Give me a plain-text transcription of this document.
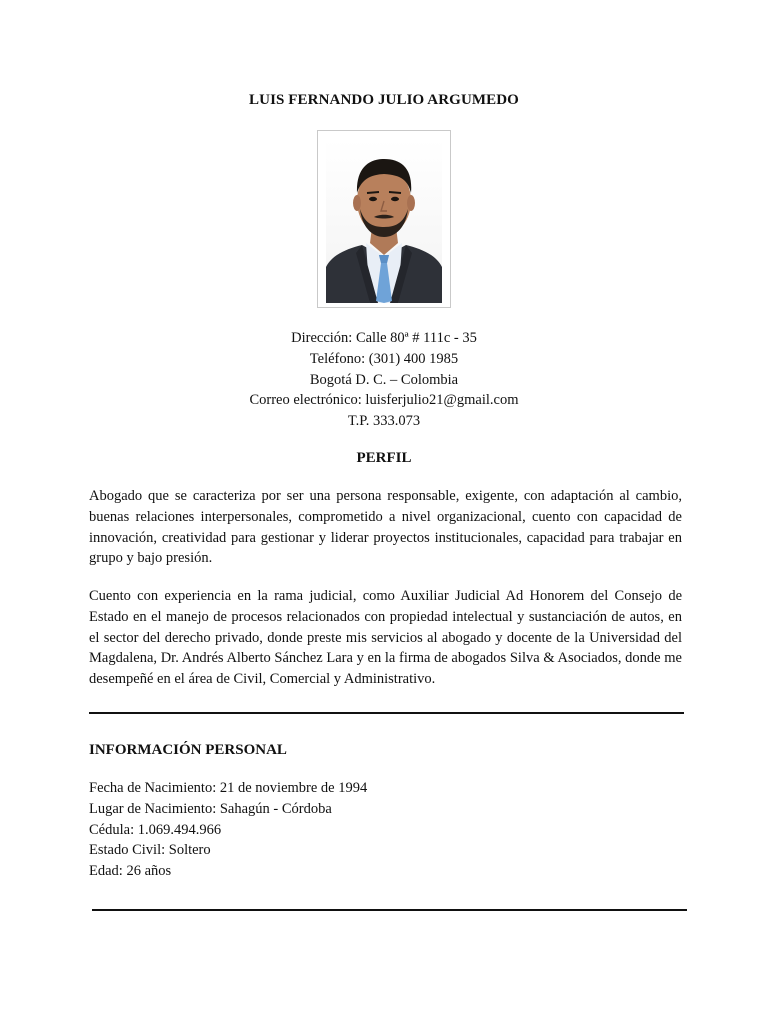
LUIS FERNANDO JULIO ARGUMEDO
Dirección: Calle 80ª # 111c - 35
Teléfono: (301) 400 1985
Bogotá D. C. – Colombia
Correo electrónico: luisferjulio21@gmail.com
T.P. 333.073
PERFIL
Abogado que se caracteriza por ser una persona responsable, exigente, con adaptación al cambio, buenas relaciones interpersonales, comprometido a nivel organizacional, cuento con capacidad de innovación, creatividad para gestionar y liderar proyectos institucionales, capacidad para trabajar en grupo y bajo presión.
Cuento con experiencia en la rama judicial, como Auxiliar Judicial Ad Honorem del Consejo de Estado en el manejo de procesos relacionados con propiedad intelectual y sustanciación de autos, en el sector del derecho privado, donde preste mis servicios al abogado y docente de la Universidad del Magdalena, Dr. Andrés Alberto Sánchez Lara y en la firma de abogados Silva & Asociados, donde me desempeñé en el área de Civil, Comercial y Administrativo.
INFORMACIÓN PERSONAL
Fecha de Nacimiento: 21 de noviembre de 1994
Lugar de Nacimiento: Sahagún - Córdoba
Cédula: 1.069.494.966
Estado Civil: Soltero
Edad: 26 años
